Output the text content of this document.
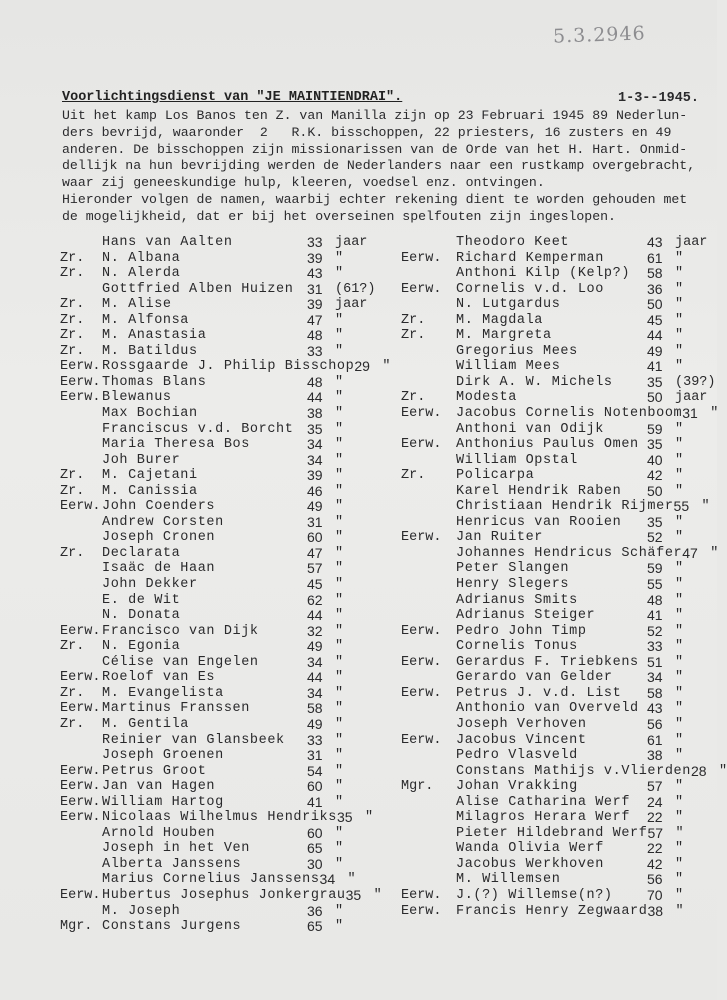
5.3.2946
Voorlichtingsdienst van "JE MAINTIENDRAI".	1-3--1945.
Uit het kamp Los Banos ten Z. van Manilla zijn op 23 Februari 1945 89 Nederlun-
ders bevrijd, waaronder  2   R.K. bisschoppen, 22 priesters, 16 zusters en 49
anderen. De bisschoppen zijn missionarissen van de Orde van het H. Hart. Onmid-
dellijk na hun bevrijding werden de Nederlanders naar een rustkamp overgebracht,
waar zij geneeskundige hulp, kleeren, voedsel enz. ontvingen.
Hieronder volgen de namen, waarbij echter rekening dient te worden gehouden met
de mogelijkheid, dat er bij het overseinen spelfouten zijn ingeslopen.
Hans van Aalten	33 jaar
Zr.	N. Albana	39 "
Zr.	N. Alerda	43 "
Gottfried Alben Huizen 31 (61?)
Zr.	M. Alise	39 jaar
Zr.	M. Alfonsa	47 "
Zr.	M. Anastasia	48 "
Zr.	M. Batildus	33 "
Eerw. Rossgaarde J. Philip Bisschop 29 "
Eerw. Thomas Blans	48 "
Eerw. Blewanus	44 "
Max Bochian	38 "
Franciscus v.d. Borcht 35 "
Maria Theresa Bos	34 "
Joh Burer	34 "
Zr.	M. Cajetani	39 "
Zr.	M. Canissia	46 "
Eerw. John Coenders	49 "
Andrew Corsten	31 "
Joseph Cronen	60 "
Zr.	Declarata	47 "
Isaäc de Haan	57 "
John Dekker	45 "
E. de Wit	62 "
N. Donata	44 "
Eerw. Francisco van Dijk	32 "
Zr.	N. Egonia	49 "
Célise van Engelen	34 "
Eerw. Roelof van Es	44 "
Zr.	M. Evangelista	34 "
Eerw. Martinus Franssen	58 "
Zr.	M. Gentila	49 "
Reinier van Glansbeek	33 "
Joseph Groenen	31 "
Eerw. Petrus Groot	54 "
Eerw. Jan van Hagen	60 "
Eerw. William Hartog	41 "
Eerw. Nicolaas Wilhelmus Hendriks 35 "
Arnold Houben	60 "
Joseph in het Ven	65 "
Alberta Janssens	30 "
Marius Cornelius Janssens 34 "
Eerw. Hubertus Josephus Jonkergrau 35 "
M. Joseph	36 "
Mgr. Constans Jurgens	65 "
Theodoro Keet	43 jaar
Eerw.	Richard Kemperman	61 "
Anthoni Kilp (Kelp?)	58 "
Eerw.	Cornelis v.d. Loo	36 "
N. Lutgardus	50 "
Zr.	M. Magdala	45 "
Zr.	M. Margreta	44 "
Gregorius Mees	49 "
William Mees	41 "
Dirk A. W. Michels	35 (39?)
Zr.	Modesta	50 jaar
Eerw.	Jacobus Cornelis Notenboom 31 "
Anthoni van Odijk	59 "
Eerw.	Anthonius Paulus Omen 35 "
William Opstal	40 "
Zr.	Policarpa	42 "
Karel Hendrik Raben	50 "
Christiaan Hendrik Rijmer 55 "
Henricus van Rooien	35 "
Eerw.	Jan Ruiter	52 "
Johannes Hendricus Schäfer 47 "
Peter Slangen	59 "
Henry Slegers	55 "
Adrianus Smits	48 "
Adrianus Steiger	41 "
Eerw.	Pedro John Timp	52 "
Cornelis Tonus	33 "
Eerw.	Gerardus F. Triebkens 51 "
Gerardo van Gelder	34 "
Eerw.	Petrus J. v.d. List	58 "
Anthonio van Overveld 43 "
Joseph Verhoven	56 "
Eerw.	Jacobus Vincent	61 "
Pedro Vlasveld	38 "
Constans Mathijs v.Vlierden 28 "
Mgr.	Johan Vrakking	57 "
Alise Catharina Werf	24 "
Milagros Herara Werf	22 "
Pieter Hildebrand Werf 57 "
Wanda Olivia Werf	22 "
Jacobus Werkhoven	42 "
M. Willemsen	56 "
Eerw.	J.(?) Willemse(n?)	70 "
Eerw.	Francis Henry Zegwaard 38 "
